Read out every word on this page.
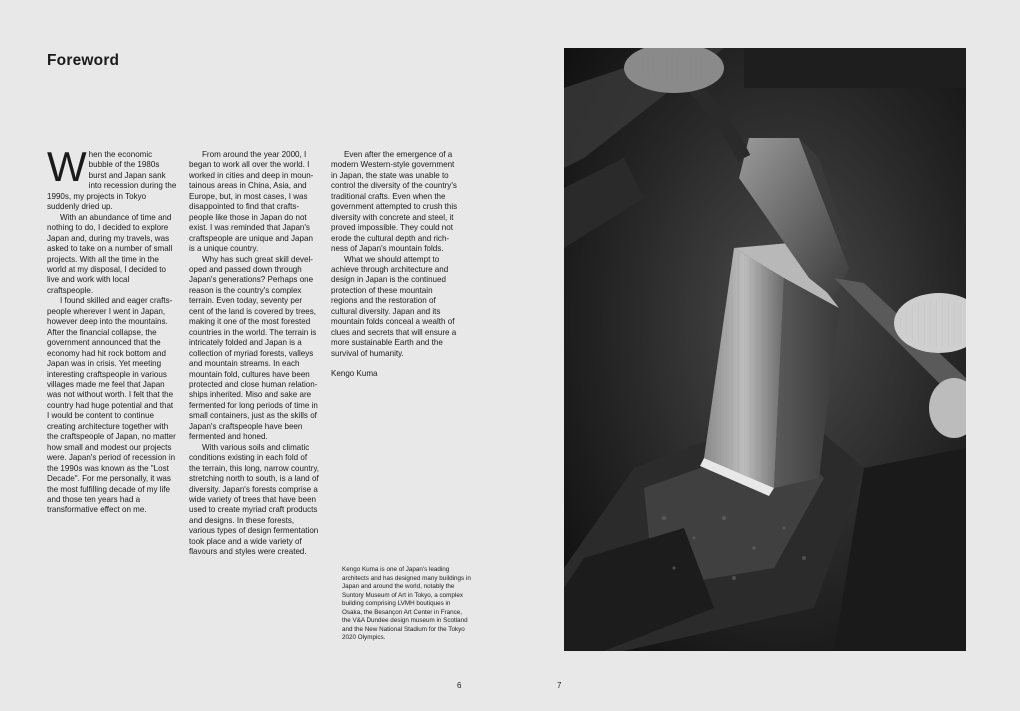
Foreword

When the economic bubble of the 1980s burst and Japan sank into recession during the 1990s, my projects in Tokyo suddenly dried up.

With an abundance of time and nothing to do, I decided to explore Japan and, during my travels, was asked to take on a number of small projects. With all the time in the world at my disposal, I decided to live and work with local craftspeople.

I found skilled and eager crafts-people wherever I went in Japan, however deep into the mountains. After the financial collapse, the government announced that the economy had hit rock bottom and Japan was in crisis. Yet meeting interesting craftspeople in various villages made me feel that Japan was not without worth. I felt that the country had huge potential and that I would be content to continue creating architecture together with the craftspeople of Japan, no matter how small and modest our projects were. Japan's period of recession in the 1990s was known as the "Lost Decade". For me personally, it was the most fulfilling decade of my life and those ten years had a transformative effect on me.

From around the year 2000, I began to work all over the world. I worked in cities and deep in moun-tainous areas in China, Asia, and Europe, but, in most cases, I was disappointed to find that crafts-people like those in Japan do not exist. I was reminded that Japan's craftspeople are unique and Japan is a unique country.

Why has such great skill devel-oped and passed down through Japan's generations? Perhaps one reason is the country's complex terrain. Even today, seventy per cent of the land is covered by trees, making it one of the most forested countries in the world. The terrain is intricately folded and Japan is a collection of myriad forests, valleys and mountain streams. In each mountain fold, cultures have been protected and close human relation-ships inherited. Miso and sake are fermented for long periods of time in small containers, just as the skills of Japan's craftspeople have been fermented and honed.

With various soils and climatic conditions existing in each fold of the terrain, this long, narrow country, stretching north to south, is a land of diversity. Japan's forests comprise a wide variety of trees that have been used to create myriad craft products and designs. In these forests, various types of design fermentation took place and a wide variety of flavours and styles were created.

Even after the emergence of a modern Western-style government in Japan, the state was unable to control the diversity of the country's traditional crafts. Even when the government attempted to crush this diversity with concrete and steel, it proved impossible. They could not erode the cultural depth and rich-ness of Japan's mountain folds.

What we should attempt to achieve through architecture and design in Japan is the continued protection of these mountain regions and the restoration of cultural diversity. Japan and its mountain folds conceal a wealth of clues and secrets that will ensure a more sustainable Earth and the survival of humanity.

Kengo Kuma

Kengo Kuma is one of Japan's leading architects and has designed many buildings in Japan and around the world, notably the Suntory Museum of Art in Tokyo, a complex building comprising LVMH boutiques in Osaka, the Besançon Art Center in France, the V&A Dundee design museum in Scotland and the New National Stadium for the Tokyo 2020 Olympics.
6	7
